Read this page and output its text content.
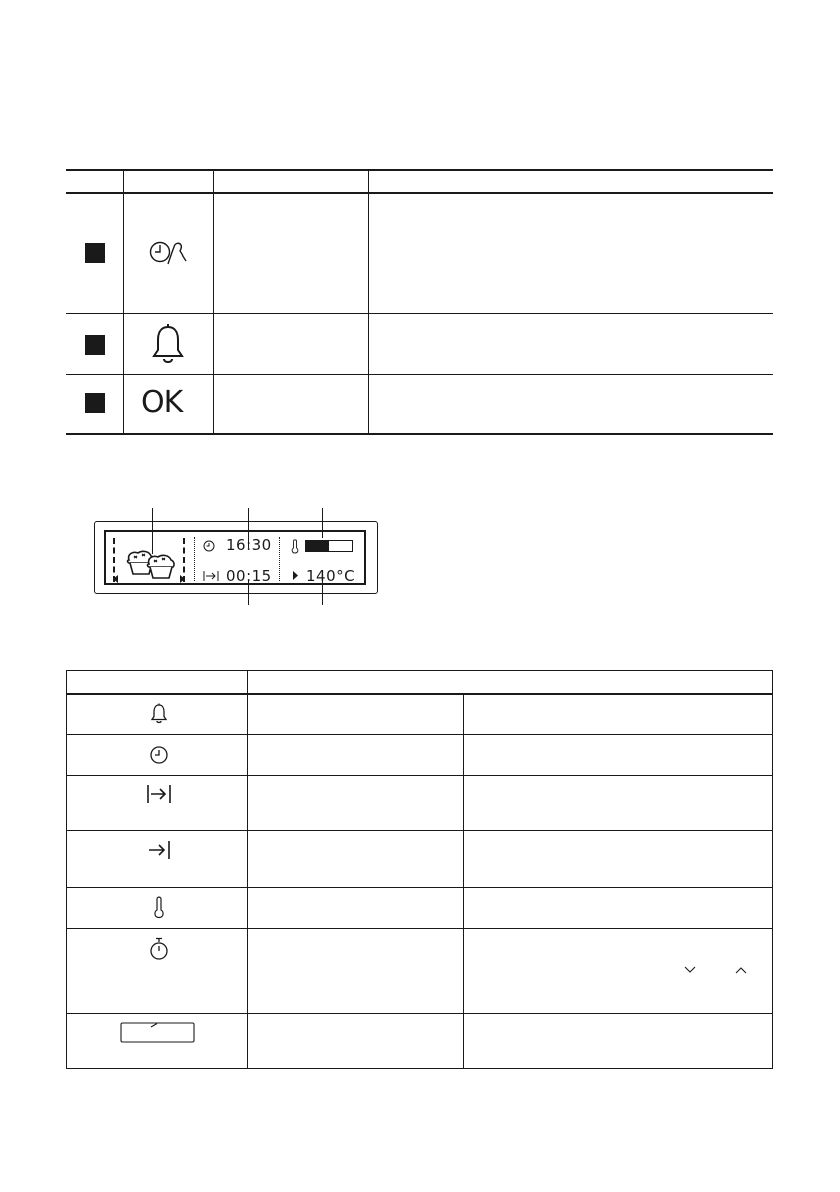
OK
16:30
00:15 140°C
